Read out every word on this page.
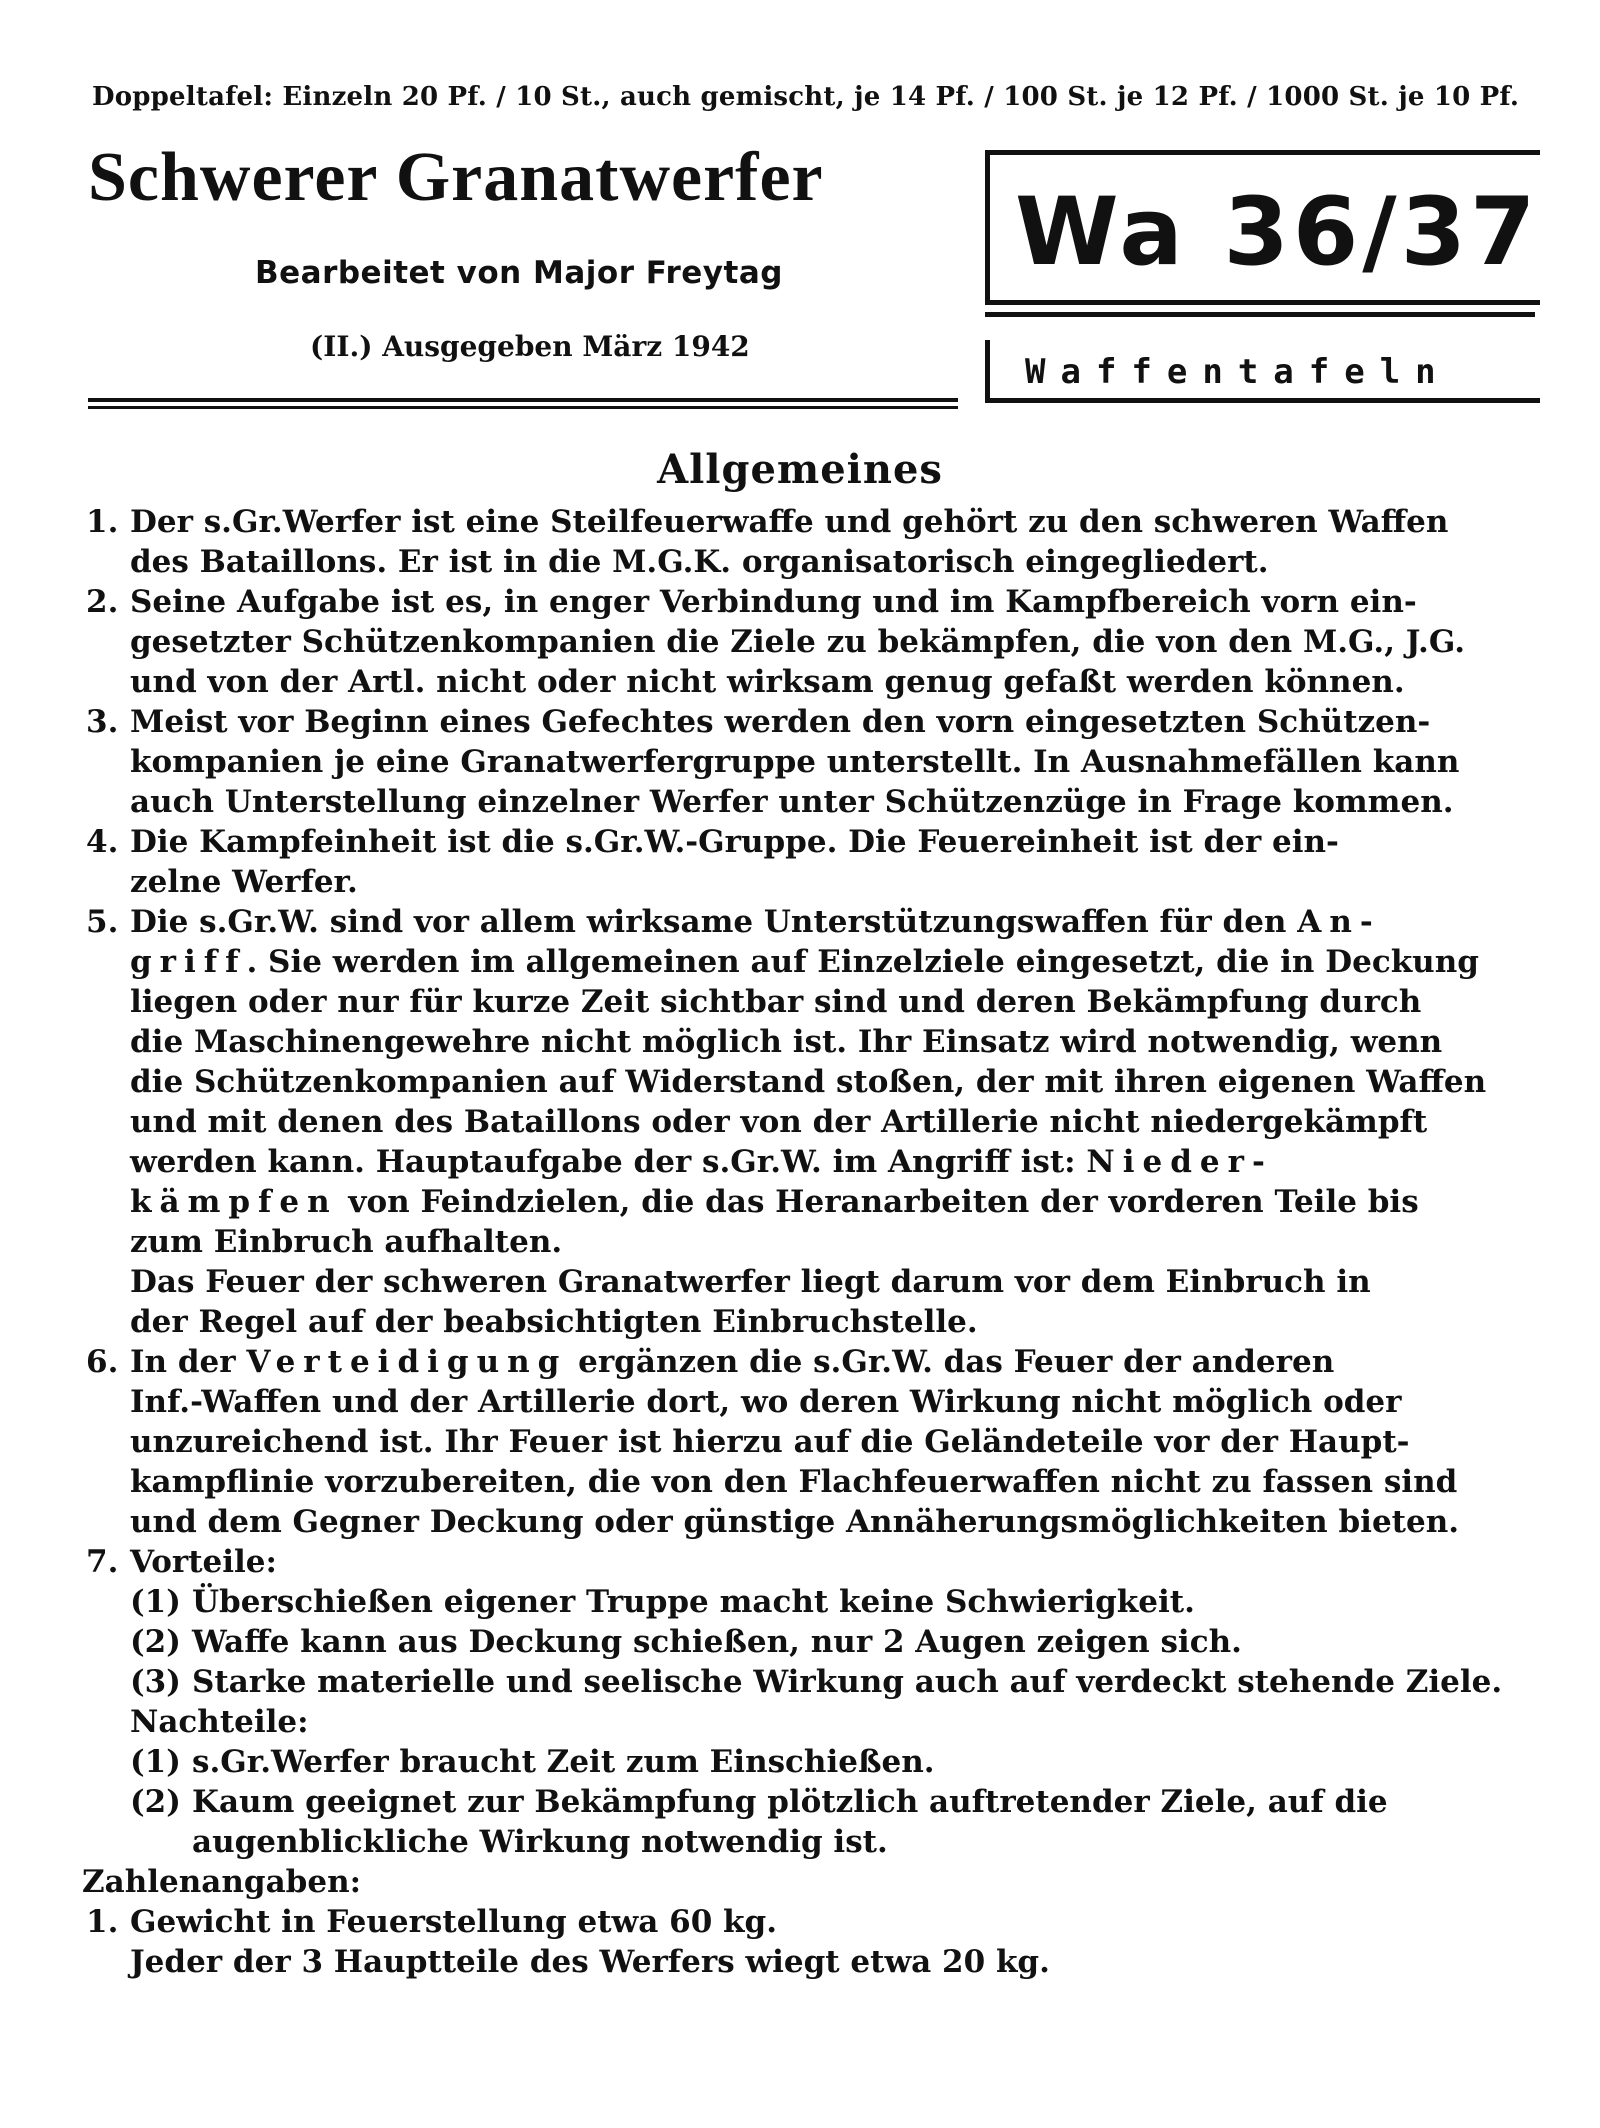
Doppeltafel: Einzeln 20 Pf. / 10 St., auch gemischt, je 14 Pf. / 100 St. je 12 Pf. / 1000 St. je 10 Pf.
Schwerer Granatwerfer
Bearbeitet von Major Freytag
(II.) Ausgegeben März 1942
Wa 36/37
Waffentafeln
Allgemeines
1. Der s.Gr.Werfer ist eine Steilfeuerwaffe und gehört zu den schweren Waffen
des Bataillons. Er ist in die M.G.K. organisatorisch eingegliedert.
2. Seine Aufgabe ist es, in enger Verbindung und im Kampfbereich vorn ein-
gesetzter Schützenkompanien die Ziele zu bekämpfen, die von den M.G., J.G.
und von der Artl. nicht oder nicht wirksam genug gefaßt werden können.
3. Meist vor Beginn eines Gefechtes werden den vorn eingesetzten Schützen-
kompanien je eine Granatwerfergruppe unterstellt. In Ausnahmefällen kann
auch Unterstellung einzelner Werfer unter Schützenzüge in Frage kommen.
4. Die Kampfeinheit ist die s.Gr.W.-Gruppe. Die Feuereinheit ist der ein-
zelne Werfer.
5. Die s.Gr.W. sind vor allem wirksame Unterstützungswaffen für den An-
griff. Sie werden im allgemeinen auf Einzelziele eingesetzt, die in Deckung
liegen oder nur für kurze Zeit sichtbar sind und deren Bekämpfung durch
die Maschinengewehre nicht möglich ist. Ihr Einsatz wird notwendig, wenn
die Schützenkompanien auf Widerstand stoßen, der mit ihren eigenen Waffen
und mit denen des Bataillons oder von der Artillerie nicht niedergekämpft
werden kann. Hauptaufgabe der s.Gr.W. im Angriff ist: Nieder-
kämpfen von Feindzielen, die das Heranarbeiten der vorderen Teile bis
zum Einbruch aufhalten.
Das Feuer der schweren Granatwerfer liegt darum vor dem Einbruch in
der Regel auf der beabsichtigten Einbruchstelle.
6. In der Verteidigung ergänzen die s.Gr.W. das Feuer der anderen
Inf.-Waffen und der Artillerie dort, wo deren Wirkung nicht möglich oder
unzureichend ist. Ihr Feuer ist hierzu auf die Geländeteile vor der Haupt-
kampflinie vorzubereiten, die von den Flachfeuerwaffen nicht zu fassen sind
und dem Gegner Deckung oder günstige Annäherungsmöglichkeiten bieten.
7. Vorteile:
(1) Überschießen eigener Truppe macht keine Schwierigkeit.
(2) Waffe kann aus Deckung schießen, nur 2 Augen zeigen sich.
(3) Starke materielle und seelische Wirkung auch auf verdeckt stehende Ziele.
Nachteile:
(1) s.Gr.Werfer braucht Zeit zum Einschießen.
(2) Kaum geeignet zur Bekämpfung plötzlich auftretender Ziele, auf die
augenblickliche Wirkung notwendig ist.
Zahlenangaben:
1. Gewicht in Feuerstellung etwa 60 kg.
Jeder der 3 Hauptteile des Werfers wiegt etwa 20 kg.
